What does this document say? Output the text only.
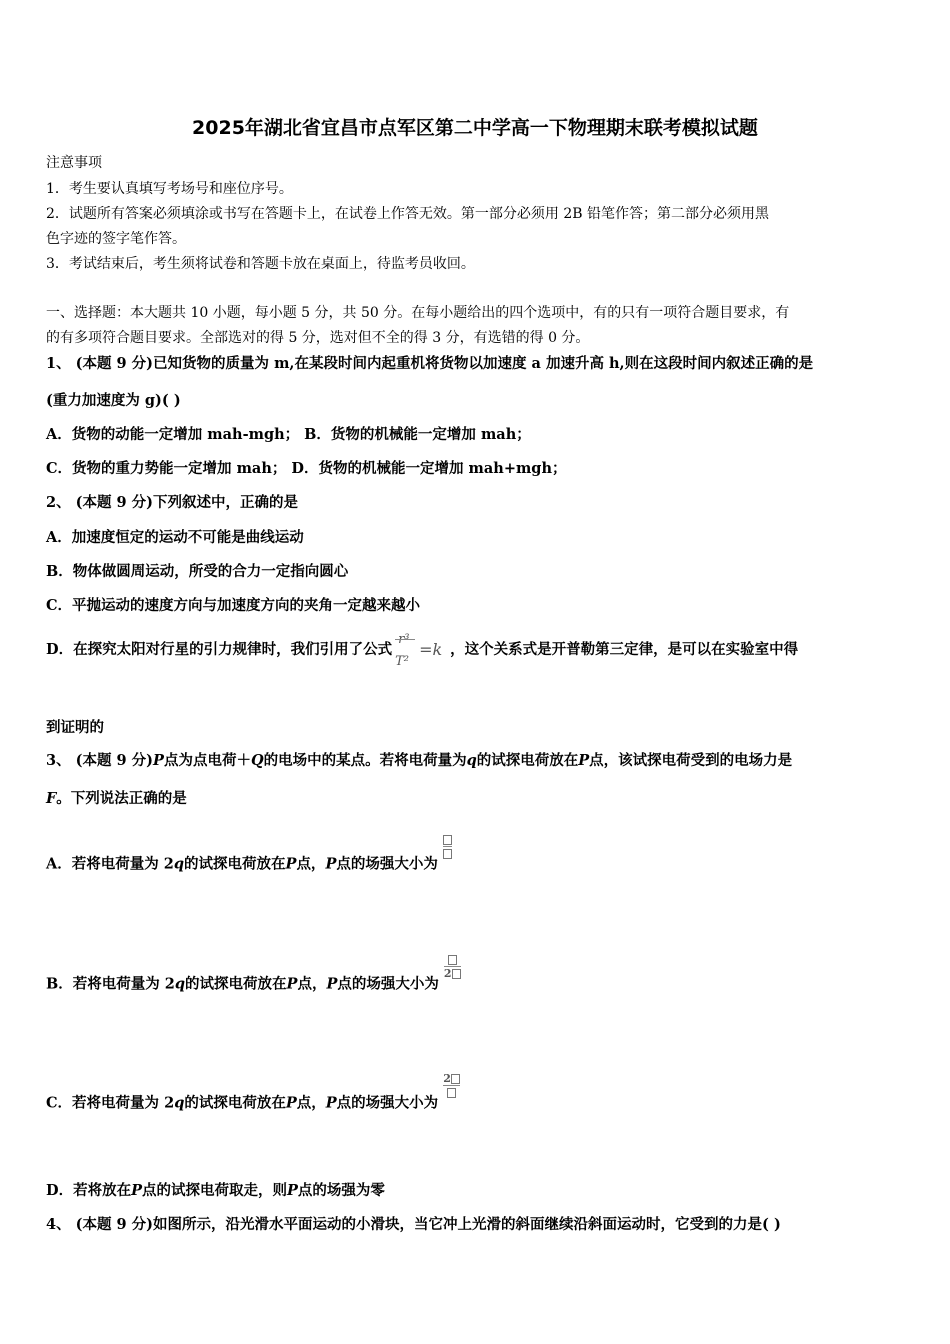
2025年湖北省宜昌市点军区第二中学高一下物理期末联考模拟试题
注意事项
1．考生要认真填写考场号和座位序号。
2．试题所有答案必须填涂或书写在答题卡上，在试卷上作答无效。第一部分必须用 2B 铅笔作答；第二部分必须用黑
色字迹的签字笔作答。
3．考试结束后，考生须将试卷和答题卡放在桌面上，待监考员收回。
一、选择题：本大题共 10 小题，每小题 5 分，共 50 分。在每小题给出的四个选项中，有的只有一项符合题目要求，有
的有多项符合题目要求。全部选对的得 5 分，选对但不全的得 3 分，有选错的得 0 分。
1、 (本题 9 分)已知货物的质量为 m,在某段时间内起重机将货物以加速度 a 加速升高 h,则在这段时间内叙述正确的是
(重力加速度为 g)( )
A．货物的动能一定增加 mah-mgh； B．货物的机械能一定增加 mah；
C．货物的重力势能一定增加 mah； D．货物的机械能一定增加 mah+mgh；
2、 (本题 9 分)下列叙述中，正确的是
A．加速度恒定的运动不可能是曲线运动
B．物体做圆周运动，所受的合力一定指向圆心
C．平抛运动的速度方向与加速度方向的夹角一定越来越小
D．在探究太阳对行星的引力规律时，我们引用了公式
r³
T²
=k ，这个关系式是开普勒第三定律，是可以在实验室中得
到证明的
3、 (本题 9 分)P点为点电荷＋Q的电场中的某点。若将电荷量为q的试探电荷放在P点，该试探电荷受到的电场力是
F。下列说法正确的是
A．若将电荷量为 2q的试探电荷放在P点，P点的场强大小为
B．若将电荷量为 2q的试探电荷放在P点，P点的场强大小为
2
C．若将电荷量为 2q的试探电荷放在P点，P点的场强大小为
2
D．若将放在P点的试探电荷取走，则P点的场强为零
4、 (本题 9 分)如图所示，沿光滑水平面运动的小滑块，当它冲上光滑的斜面继续沿斜面运动时，它受到的力是( )
